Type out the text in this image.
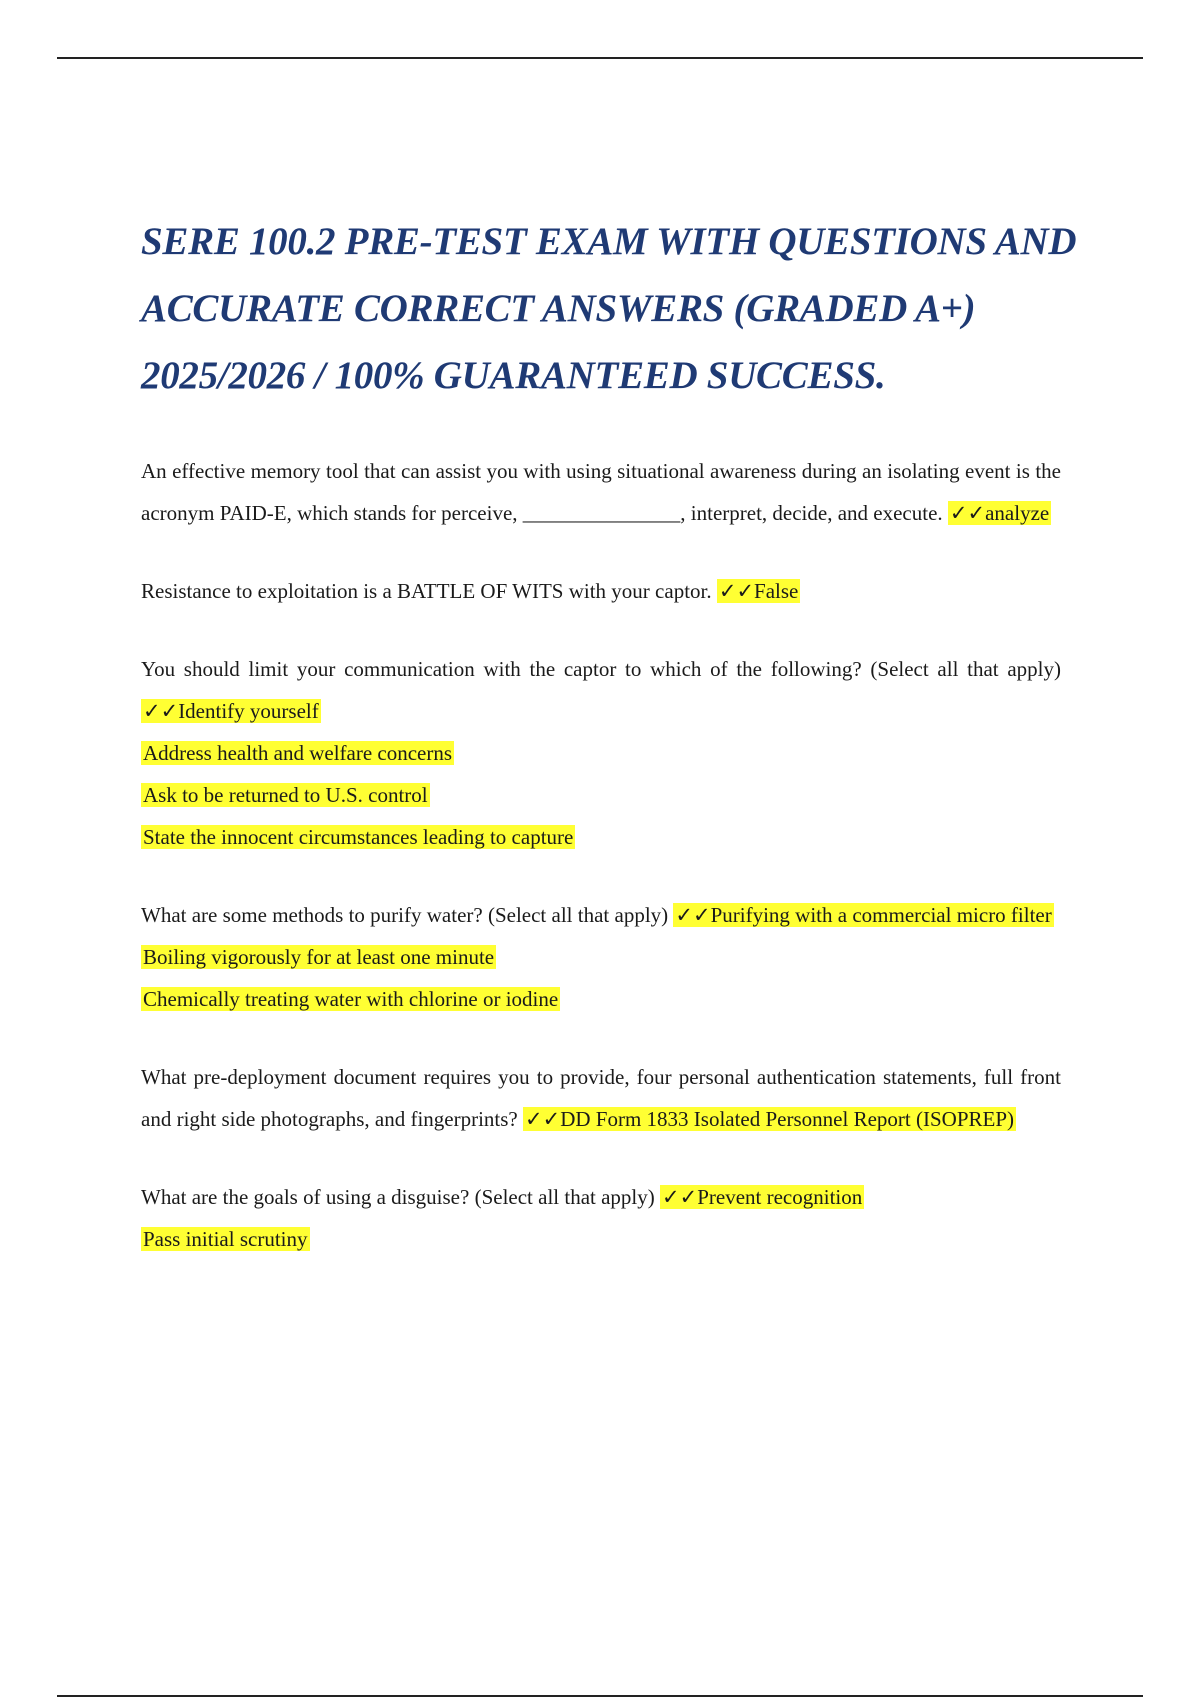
SERE 100.2 PRE-TEST EXAM WITH QUESTIONS AND ACCURATE CORRECT ANSWERS (GRADED A+) 2025/2026 / 100% GUARANTEED SUCCESS.

An effective memory tool that can assist you with using situational awareness during an isolating event is the acronym PAID-E, which stands for perceive, _______________, interpret, decide, and execute. ✓✓analyze

Resistance to exploitation is a BATTLE OF WITS with your captor. ✓✓False

You should limit your communication with the captor to which of the following? (Select all that apply) ✓✓Identify yourself

Address health and welfare concerns
Ask to be returned to U.S. control
State the innocent circumstances leading to capture

What are some methods to purify water? (Select all that apply) ✓✓Purifying with a commercial micro filter

Boiling vigorously for at least one minute
Chemically treating water with chlorine or iodine

What pre-deployment document requires you to provide, four personal authentication statements, full front and right side photographs, and fingerprints? ✓✓DD Form 1833 Isolated Personnel Report (ISOPREP)

What are the goals of using a disguise? (Select all that apply) ✓✓Prevent recognition

Pass initial scrutiny
